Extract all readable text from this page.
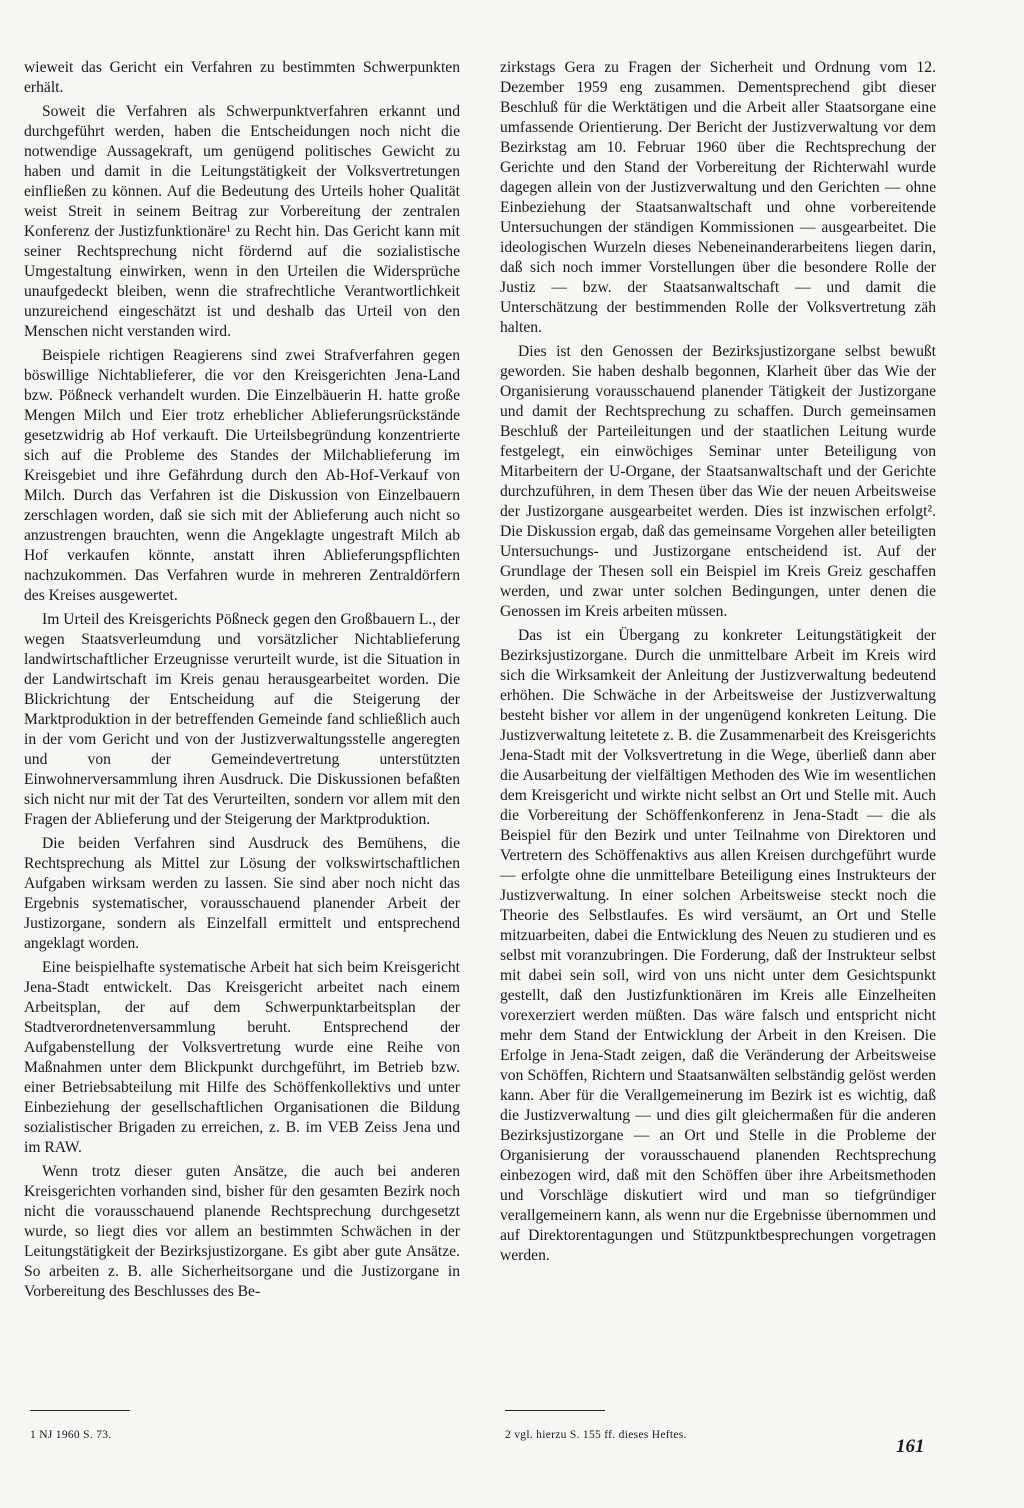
wieweit das Gericht ein Verfahren zu bestimmten Schwerpunkten erhält.

Soweit die Verfahren als Schwerpunktverfahren erkannt und durchgeführt werden, haben die Entscheidungen noch nicht die notwendige Aussagekraft, um genügend politisches Gewicht zu haben und damit in die Leitungstätigkeit der Volksvertretungen einfließen zu können. Auf die Bedeutung des Urteils hoher Qualität weist Streit in seinem Beitrag zur Vorbereitung der zentralen Konferenz der Justizfunktionäre¹ zu Recht hin. Das Gericht kann mit seiner Rechtsprechung nicht fördernd auf die sozialistische Umgestaltung einwirken, wenn in den Urteilen die Widersprüche unaufgedeckt bleiben, wenn die strafrechtliche Verantwortlichkeit unzureichend eingeschätzt ist und deshalb das Urteil von den Menschen nicht verstanden wird.

Beispiele richtigen Reagierens sind zwei Strafverfahren gegen böswillige Nichtablieferer, die vor den Kreisgerichten Jena-Land bzw. Pößneck verhandelt wurden. Die Einzelbäuerin H. hatte große Mengen Milch und Eier trotz erheblicher Ablieferungsrückstände gesetzwidrig ab Hof verkauft. Die Urteilsbegründung konzentrierte sich auf die Probleme des Standes der Milchablieferung im Kreisgebiet und ihre Gefährdung durch den Ab-Hof-Verkauf von Milch. Durch das Verfahren ist die Diskussion von Einzelbauern zerschlagen worden, daß sie sich mit der Ablieferung auch nicht so anzustrengen brauchten, wenn die Angeklagte ungestraft Milch ab Hof verkaufen könnte, anstatt ihren Ablieferungspflichten nachzukommen. Das Verfahren wurde in mehreren Zentraldörfern des Kreises ausgewertet.

Im Urteil des Kreisgerichts Pößneck gegen den Großbauern L., der wegen Staatsverleumdung und vorsätzlicher Nichtablieferung landwirtschaftlicher Erzeugnisse verurteilt wurde, ist die Situation in der Landwirtschaft im Kreis genau herausgearbeitet worden. Die Blickrichtung der Entscheidung auf die Steigerung der Marktproduktion in der betreffenden Gemeinde fand schließlich auch in der vom Gericht und von der Justizverwaltungsstelle angeregten und von der Gemeindevertretung unterstützten Einwohnerversammlung ihren Ausdruck. Die Diskussionen befaßten sich nicht nur mit der Tat des Verurteilten, sondern vor allem mit den Fragen der Ablieferung und der Steigerung der Marktproduktion.

Die beiden Verfahren sind Ausdruck des Bemühens, die Rechtsprechung als Mittel zur Lösung der volkswirtschaftlichen Aufgaben wirksam werden zu lassen. Sie sind aber noch nicht das Ergebnis systematischer, vorausschauend planender Arbeit der Justizorgane, sondern als Einzelfall ermittelt und entsprechend angeklagt worden.

Eine beispielhafte systematische Arbeit hat sich beim Kreisgericht Jena-Stadt entwickelt. Das Kreisgericht arbeitet nach einem Arbeitsplan, der auf dem Schwerpunktarbeitsplan der Stadtverordnetenversammlung beruht. Entsprechend der Aufgabenstellung der Volksvertretung wurde eine Reihe von Maßnahmen unter dem Blickpunkt durchgeführt, im Betrieb bzw. einer Betriebsabteilung mit Hilfe des Schöffenkollektivs und unter Einbeziehung der gesellschaftlichen Organisationen die Bildung sozialistischer Brigaden zu erreichen, z. B. im VEB Zeiss Jena und im RAW.

Wenn trotz dieser guten Ansätze, die auch bei anderen Kreisgerichten vorhanden sind, bisher für den gesamten Bezirk noch nicht die vorausschauend planende Rechtsprechung durchgesetzt wurde, so liegt dies vor allem an bestimmten Schwächen in der Leitungstätigkeit der Bezirksjustizorgane. Es gibt aber gute Ansätze. So arbeiten z. B. alle Sicherheitsorgane und die Justizorgane in Vorbereitung des Beschlusses des Be-

zirkstags Gera zu Fragen der Sicherheit und Ordnung vom 12. Dezember 1959 eng zusammen. Dementsprechend gibt dieser Beschluß für die Werktätigen und die Arbeit aller Staatsorgane eine umfassende Orientierung. Der Bericht der Justizverwaltung vor dem Bezirkstag am 10. Februar 1960 über die Rechtsprechung der Gerichte und den Stand der Vorbereitung der Richterwahl wurde dagegen allein von der Justizverwaltung und den Gerichten — ohne Einbeziehung der Staatsanwaltschaft und ohne vorbereitende Untersuchungen der ständigen Kommissionen — ausgearbeitet. Die ideologischen Wurzeln dieses Nebeneinanderarbeitens liegen darin, daß sich noch immer Vorstellungen über die besondere Rolle der Justiz — bzw. der Staatsanwaltschaft — und damit die Unterschätzung der bestimmenden Rolle der Volksvertretung zäh halten.

Dies ist den Genossen der Bezirksjustizorgane selbst bewußt geworden. Sie haben deshalb begonnen, Klarheit über das Wie der Organisierung vorausschauend planender Tätigkeit der Justizorgane und damit der Rechtsprechung zu schaffen. Durch gemeinsamen Beschluß der Parteileitungen und der staatlichen Leitung wurde festgelegt, ein einwöchiges Seminar unter Beteiligung von Mitarbeitern der U-Organe, der Staatsanwaltschaft und der Gerichte durchzuführen, in dem Thesen über das Wie der neuen Arbeitsweise der Justizorgane ausgearbeitet werden. Dies ist inzwischen erfolgt². Die Diskussion ergab, daß das gemeinsame Vorgehen aller beteiligten Untersuchungs- und Justizorgane entscheidend ist. Auf der Grundlage der Thesen soll ein Beispiel im Kreis Greiz geschaffen werden, und zwar unter solchen Bedingungen, unter denen die Genossen im Kreis arbeiten müssen.

Das ist ein Übergang zu konkreter Leitungstätigkeit der Bezirksjustizorgane. Durch die unmittelbare Arbeit im Kreis wird sich die Wirksamkeit der Anleitung der Justizverwaltung bedeutend erhöhen. Die Schwäche in der Arbeitsweise der Justizverwaltung besteht bisher vor allem in der ungenügend konkreten Leitung. Die Justizverwaltung leitetete z. B. die Zusammenarbeit des Kreisgerichts Jena-Stadt mit der Volksvertretung in die Wege, überließ dann aber die Ausarbeitung der vielfältigen Methoden des Wie im wesentlichen dem Kreisgericht und wirkte nicht selbst an Ort und Stelle mit. Auch die Vorbereitung der Schöffenkonferenz in Jena-Stadt — die als Beispiel für den Bezirk und unter Teilnahme von Direktoren und Vertretern des Schöffenaktivs aus allen Kreisen durchgeführt wurde — erfolgte ohne die unmittelbare Beteiligung eines Instrukteurs der Justizverwaltung. In einer solchen Arbeitsweise steckt noch die Theorie des Selbstlaufes. Es wird versäumt, an Ort und Stelle mitzuarbeiten, dabei die Entwicklung des Neuen zu studieren und es selbst mit voranzubringen. Die Forderung, daß der Instrukteur selbst mit dabei sein soll, wird von uns nicht unter dem Gesichtspunkt gestellt, daß den Justizfunktionären im Kreis alle Einzelheiten vorexerziert werden müßten. Das wäre falsch und entspricht nicht mehr dem Stand der Entwicklung der Arbeit in den Kreisen. Die Erfolge in Jena-Stadt zeigen, daß die Veränderung der Arbeitsweise von Schöffen, Richtern und Staatsanwälten selbständig gelöst werden kann. Aber für die Verallgemeinerung im Bezirk ist es wichtig, daß die Justizverwaltung — und dies gilt gleichermaßen für die anderen Bezirksjustizorgane — an Ort und Stelle in die Probleme der Organisierung der vorausschauend planenden Rechtsprechung einbezogen wird, daß mit den Schöffen über ihre Arbeitsmethoden und Vorschläge diskutiert wird und man so tiefgründiger verallgemeinern kann, als wenn nur die Ergebnisse übernommen und auf Direktorentagungen und Stützpunktbesprechungen vorgetragen werden.

1 NJ 1960 S. 73.	2 vgl. hierzu S. 155 ff. dieses Heftes.
161
